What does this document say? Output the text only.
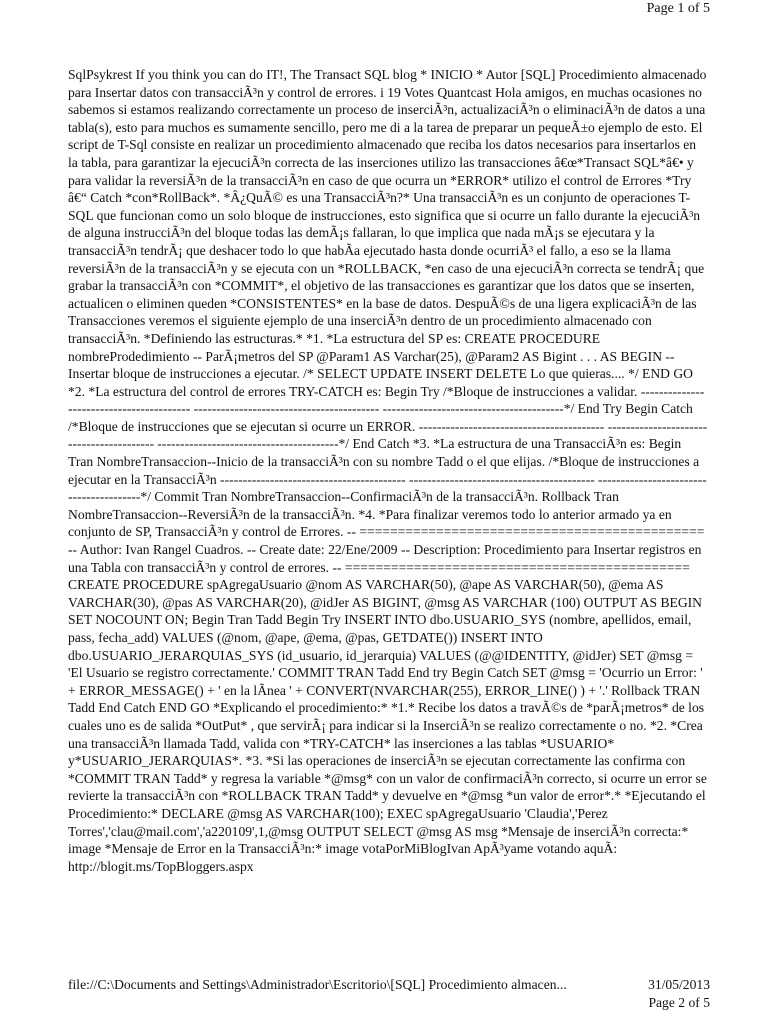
Page 1 of 5
SqlPsykrest If you think you can do IT!, The Transact SQL blog * INICIO * Autor [SQL] Procedimiento almacenado para Insertar datos con transacciÃ³n y control de errores. i 19 Votes Quantcast Hola amigos, en muchas ocasiones no sabemos si estamos realizando correctamente un proceso de inserciÃ³n, actualizaciÃ³n o eliminaciÃ³n de datos a una tabla(s), esto para muchos es sumamente sencillo, pero me di a la tarea de preparar un pequeÃ±o ejemplo de esto. El script de T-Sql consiste en realizar un procedimiento almacenado que reciba los datos necesarios para insertarlos en la tabla, para garantizar la ejecuciÃ³n correcta de las inserciones utilizo las transacciones â€œ*Transact SQL*â€• y para validar la reversiÃ³n de la transacciÃ³n en caso de que ocurra un *ERROR* utilizo el control de Errores *Try â€“ Catch *con*RollBack*. *Â¿QuÃ© es una TransacciÃ³n?* Una transacciÃ³n es un conjunto de operaciones T-SQL que funcionan como un solo bloque de instrucciones, esto significa que si ocurre un fallo durante la ejecuciÃ³n de alguna instrucciÃ³n del bloque todas las demÃ¡s fallaran, lo que implica que nada mÃ¡s se ejecutara y la transacciÃ³n tendrÃ¡ que deshacer todo lo que habÃa ejecutado hasta donde ocurriÃ³ el fallo, a eso se la llama reversiÃ³n de la transacciÃ³n y se ejecuta con un *ROLLBACK, *en caso de una ejecuciÃ³n correcta se tendrÃ¡ que grabar la transacciÃ³n con *COMMIT*, el objetivo de las transacciones es garantizar que los datos que se inserten, actualicen o eliminen queden *CONSISTENTES* en la base de datos. DespuÃ©s de una ligera explicaciÃ³n de las Transacciones veremos el siguiente ejemplo de una inserciÃ³n dentro de un procedimiento almacenado con transacciÃ³n. *Definiendo las estructuras.* *1. *La estructura del SP es: CREATE PROCEDURE nombreProdedimiento -- ParÃ¡metros del SP @Param1 AS Varchar(25), @Param2 AS Bigint . . . AS BEGIN -- Insertar bloque de instrucciones a ejecutar. /* SELECT UPDATE INSERT DELETE Lo que quieras.... */ END GO *2. *La estructura del control de errores TRY-CATCH es: Begin Try /*Bloque de instrucciones a validar. ----------------------------------------- ----------------------------------------- ----------------------------------------*/ End Try Begin Catch /*Bloque de instrucciones que se ejecutan si ocurre un ERROR. ----------------------------------------- ----------------------------------------- ----------------------------------------*/ End Catch *3. *La estructura de una TransacciÃ³n es: Begin Tran NombreTransaccion--Inicio de la transacciÃ³n con su nombre Tadd o el que elijas. /*Bloque de instrucciones a ejecutar en la TransacciÃ³n ----------------------------------------- ----------------------------------------- ----------------------------------------*/ Commit Tran NombreTransaccion--ConfirmaciÃ³n de la transacciÃ³n. Rollback Tran NombreTransaccion--ReversiÃ³n de la transacciÃ³n. *4. *Para finalizar veremos todo lo anterior armado ya en conjunto de SP, TransacciÃ³n y control de Errores. -- ============================================= -- Author: Ivan Rangel Cuadros. -- Create date: 22/Ene/2009 -- Description: Procedimiento para Insertar registros en una Tabla con transacciÃ³n y control de errores. -- ============================================= CREATE PROCEDURE spAgregaUsuario @nom AS VARCHAR(50), @ape AS VARCHAR(50), @ema AS VARCHAR(30), @pas AS VARCHAR(20), @idJer AS BIGINT, @msg AS VARCHAR (100) OUTPUT AS BEGIN SET NOCOUNT ON; Begin Tran Tadd Begin Try INSERT INTO dbo.USUARIO_SYS (nombre, apellidos, email, pass, fecha_add) VALUES (@nom, @ape, @ema, @pas, GETDATE()) INSERT INTO dbo.USUARIO_JERARQUIAS_SYS (id_usuario, id_jerarquia) VALUES (@@IDENTITY, @idJer) SET @msg = 'El Usuario se registro correctamente.' COMMIT TRAN Tadd End try Begin Catch SET @msg = 'Ocurrio un Error: ' + ERROR_MESSAGE() + ' en la lÃnea ' + CONVERT(NVARCHAR(255), ERROR_LINE() ) + '.' Rollback TRAN Tadd End Catch END GO *Explicando el procedimiento:* *1.* Recibe los datos a travÃ©s de *parÃ¡metros* de los cuales uno es de salida *OutPut* , que servirÃ¡ para indicar si la InserciÃ³n se realizo correctamente o no. *2. *Crea una transacciÃ³n llamada Tadd, valida con *TRY-CATCH* las inserciones a las tablas *USUARIO* y*USUARIO_JERARQUIAS*. *3. *Si las operaciones de inserciÃ³n se ejecutan correctamente las confirma con *COMMIT TRAN Tadd* y regresa la variable *@msg* con un valor de confirmaciÃ³n correcto, si ocurre un error se revierte la transacciÃ³n con *ROLLBACK TRAN Tadd* y devuelve en *@msg *un valor de error*.* *Ejecutando el Procedimiento:* DECLARE @msg AS VARCHAR(100); EXEC spAgregaUsuario 'Claudia','Perez Torres','clau@mail.com','a220109',1,@msg OUTPUT SELECT @msg AS msg *Mensaje de inserciÃ³n correcta:* image *Mensaje de Error en la TransacciÃ³n:* image votaPorMiBlogIvan ApÃ³yame votando aquÃ: http://blogit.ms/TopBloggers.aspx
file://C:\Documents and Settings\Administrador\Escritorio\[SQL] Procedimiento almacen...	31/05/2013
Page 2 of 5
